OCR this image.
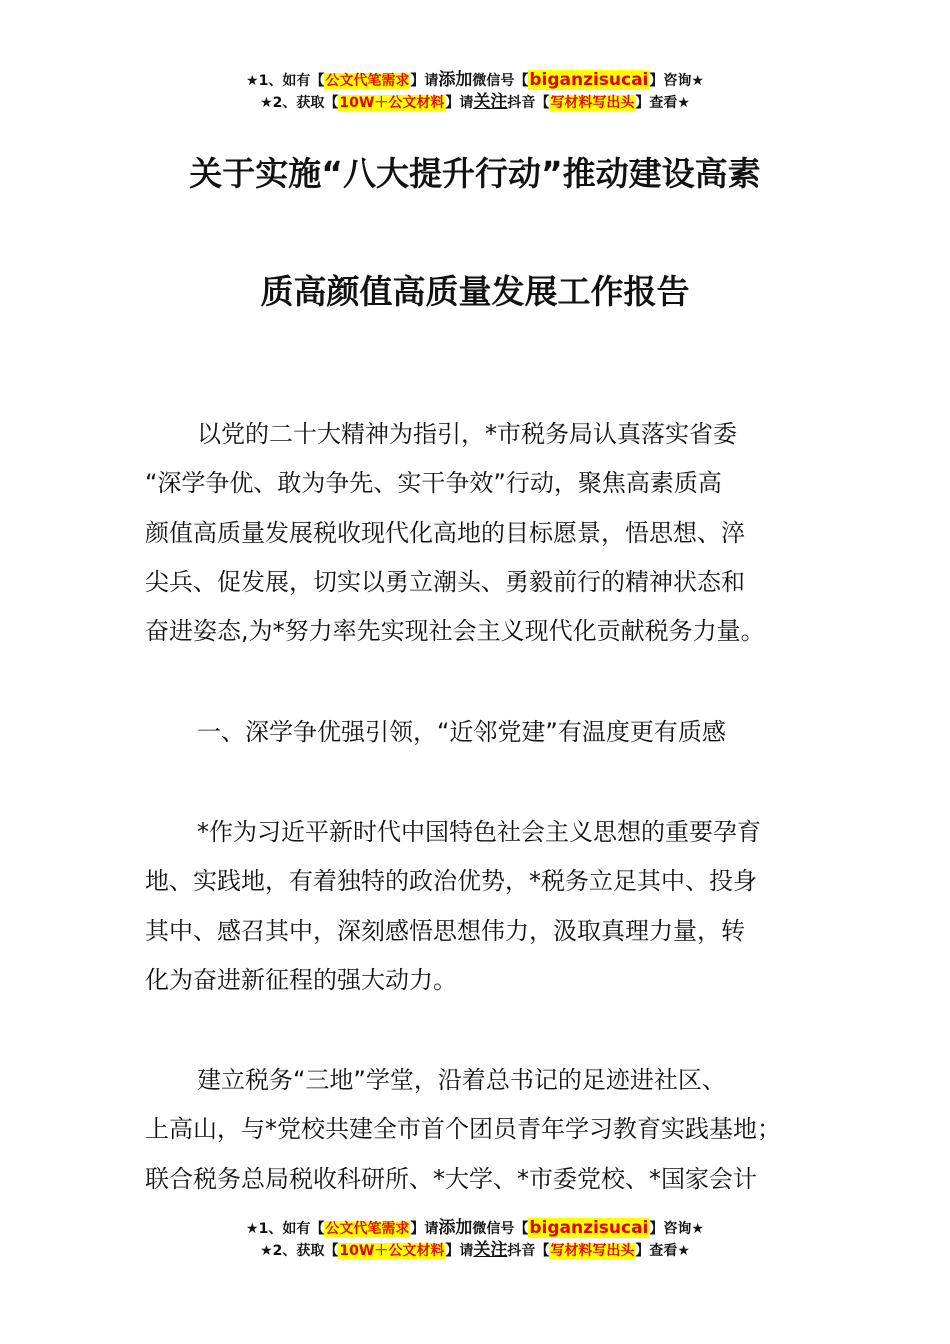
★1、如有【公文代笔需求】请添加微信号【biganzisucai】咨询★
★2、获取【10W＋公文材料】请关注抖音【写材料写出头】查看★
关于实施“八大提升行动”推动建设高素
质高颜值高质量发展工作报告
以党的二十大精神为指引，*市税务局认真落实省委
“深学争优、敢为争先、实干争效”行动，聚焦高素质高
颜值高质量发展税收现代化高地的目标愿景，悟思想、淬
尖兵、促发展，切实以勇立潮头、勇毅前行的精神状态和
奋进姿态,为*努力率先实现社会主义现代化贡献税务力量。
一、深学争优强引领，“近邻党建”有温度更有质感
*作为习近平新时代中国特色社会主义思想的重要孕育
地、实践地，有着独特的政治优势，*税务立足其中、投身
其中、感召其中，深刻感悟思想伟力，汲取真理力量，转
化为奋进新征程的强大动力。
建立税务“三地”学堂，沿着总书记的足迹进社区、
上高山，与*党校共建全市首个团员青年学习教育实践基地；
联合税务总局税收科研所、*大学、*市委党校、*国家会计
★1、如有【公文代笔需求】请添加微信号【biganzisucai】咨询★
★2、获取【10W＋公文材料】请关注抖音【写材料写出头】查看★
